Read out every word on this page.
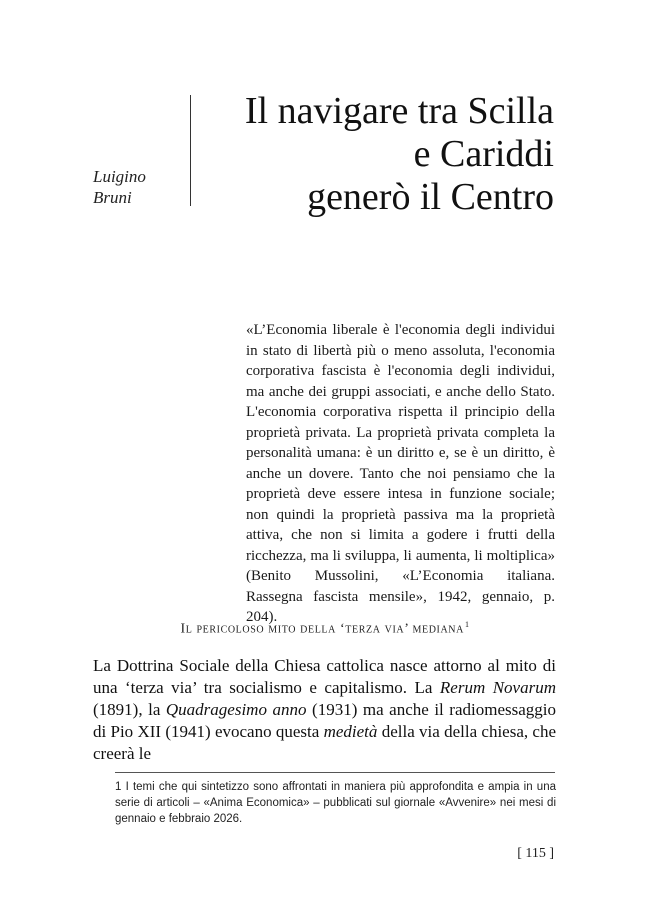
Luigino
Bruni
Il navigare tra Scilla
e Cariddi
generò il Centro

«L’Economia liberale è l'economia degli individui in stato di libertà più o meno assoluta, l'economia corporativa fascista è l'economia degli individui, ma anche dei gruppi associati, e anche dello Stato. L'economia corporativa rispetta il principio della proprietà privata. La proprietà privata completa la personalità umana: è un diritto e, se è un diritto, è anche un dovere. Tanto che noi pensiamo che la proprietà deve essere intesa in funzione sociale; non quindi la proprietà passiva ma la proprietà attiva, che non si limita a godere i frutti della ricchezza, ma li sviluppa, li aumenta, li moltiplica» (Benito Mussolini, «L’Economia italiana. Rassegna fascista mensile», 1942, gennaio, p. 204).

Il pericoloso mito della ‘terza via’ mediana$^1$

La Dottrina Sociale della Chiesa cattolica nasce attorno al mito di una ‘terza via’ tra socialismo e capitalismo. La Rerum Novarum (1891), la Quadragesimo anno (1931) ma anche il radiomessaggio di Pio XII (1941) evocano questa medietà della via della chiesa, che creerà le

1 I temi che qui sintetizzo sono affrontati in maniera più approfondita e ampia in una serie di articoli – «Anima Economica» – pubblicati sul giornale «Avvenire» nei mesi di gennaio e febbraio 2026.

[ 115 ]
